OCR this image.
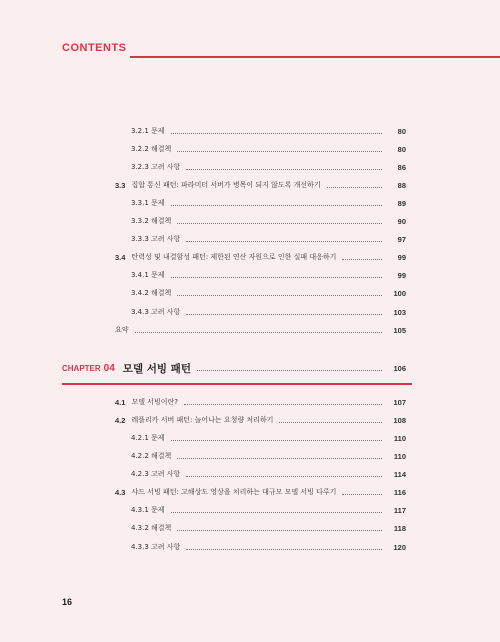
CONTENTS
3.2.1 문제	80
3.2.2 해결책	80
3.2.3 고려 사항	86
3.3 집합 통신 패턴: 파라미터 서버가 병목이 되지 않도록 개선하기	88
3.3.1 문제	89
3.3.2 해결책	90
3.3.3 고려 사항	97
3.4 탄력성 및 내결함성 패턴: 제한된 연산 자원으로 인한 실패 대응하기	99
3.4.1 문제	99
3.4.2 해결책	100
3.4.3 고려 사항	103
요약	105
CHAPTER 04 모델 서빙 패턴	106
4.1 모델 서빙이란?	107
4.2 레플리카 서버 패턴: 늘어나는 요청량 처리하기	108
4.2.1 문제	110
4.2.2 해결책	110
4.2.3 고려 사항	114
4.3 샤드 서빙 패턴: 고해상도 영상을 처리하는 대규모 모델 서빙 다루기	116
4.3.1 문제	117
4.3.2 해결책	118
4.3.3 고려 사항	120
16
